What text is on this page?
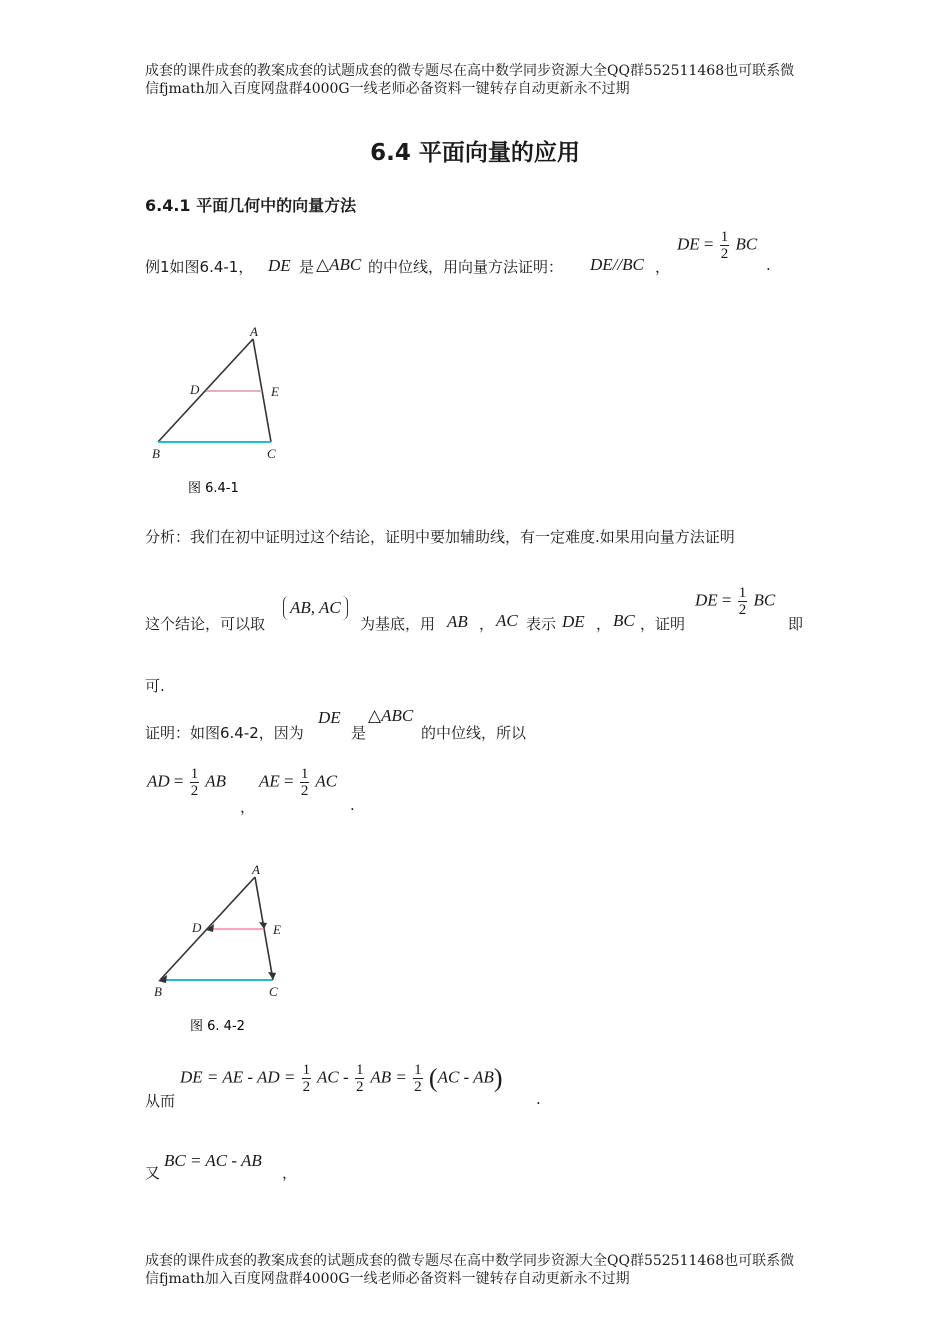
成套的课件成套的教案成套的试题成套的微专题尽在高中数学同步资源大全QQ群552511468也可联系微
信fjmath加入百度网盘群4000G一线老师必备资料一键转存自动更新永不过期
6.4 平面向量的应用
6.4.1 平面几何中的向量方法
例1如图6.4-1， DE 是 △ABC 的中位线，用向量方法证明： DE//BC ，
DE = $\frac{1}{2}$ BC
.
A
D	E
B	C
图 6.4-1
分析：我们在初中证明过这个结论，证明中要加辅助线，有一定难度.如果用向量方法证明
这个结论，可以取
AB, AC
为基底，用 AB ， AC 表示 DE ， BC ，证明
DE = $\frac{1}{2}$ BC
即
可.
证明：如图6.4-2，因为
DE
是
△ABC
的中位线，所以
AD = $\frac{1}{2}$ AB
，
AE = $\frac{1}{2}$ AC
.
A
D	E
B	C
图 6. 4-2
从而
DE = AE - AD = $\frac{1}{2}$ AC - $\frac{1}{2}$ AB = $\frac{1}{2} (AC - AB)$
.
又
BC = AC - AB
，
成套的课件成套的教案成套的试题成套的微专题尽在高中数学同步资源大全QQ群552511468也可联系微
信fjmath加入百度网盘群4000G一线老师必备资料一键转存自动更新永不过期
